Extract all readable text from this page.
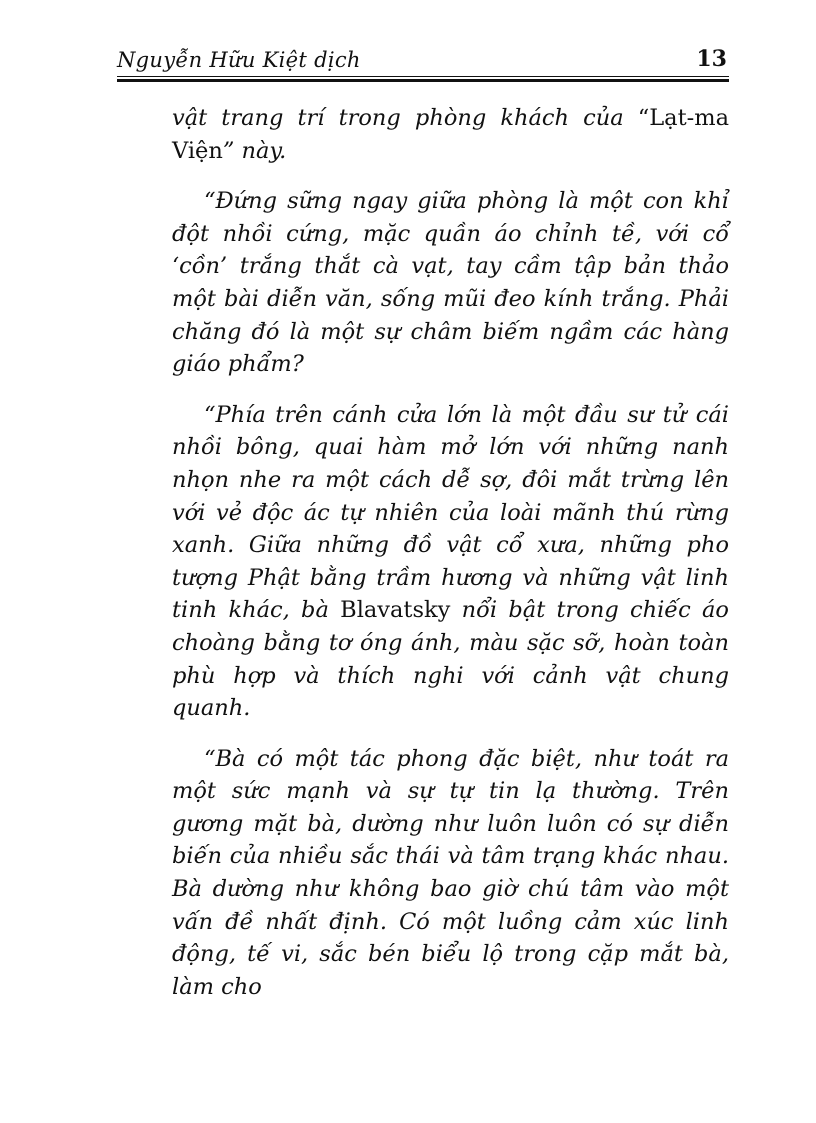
Nguyễn Hữu Kiệt dịch	13

vật trang trí trong phòng khách của “Lạt-ma Viện” này.

“Đứng sững ngay giữa phòng là một con khỉ đột nhồi cứng, mặc quần áo chỉnh tề, với cổ ‘cồn’ trắng thắt cà vạt, tay cầm tập bản thảo một bài diễn văn, sống mũi đeo kính trắng. Phải chăng đó là một sự châm biếm ngầm các hàng giáo phẩm?

“Phía trên cánh cửa lớn là một đầu sư tử cái nhồi bông, quai hàm mở lớn với những nanh nhọn nhe ra một cách dễ sợ, đôi mắt trừng lên với vẻ độc ác tự nhiên của loài mãnh thú rừng xanh. Giữa những đồ vật cổ xưa, những pho tượng Phật bằng trầm hương và những vật linh tinh khác, bà Blavatsky nổi bật trong chiếc áo choàng bằng tơ óng ánh, màu sặc sỡ, hoàn toàn phù hợp và thích nghi với cảnh vật chung quanh.

“Bà có một tác phong đặc biệt, như toát ra một sức mạnh và sự tự tin lạ thường. Trên gương mặt bà, dường như luôn luôn có sự diễn biến của nhiều sắc thái và tâm trạng khác nhau. Bà dường như không bao giờ chú tâm vào một vấn đề nhất định. Có một luồng cảm xúc linh động, tế vi, sắc bén biểu lộ trong cặp mắt bà, làm cho
